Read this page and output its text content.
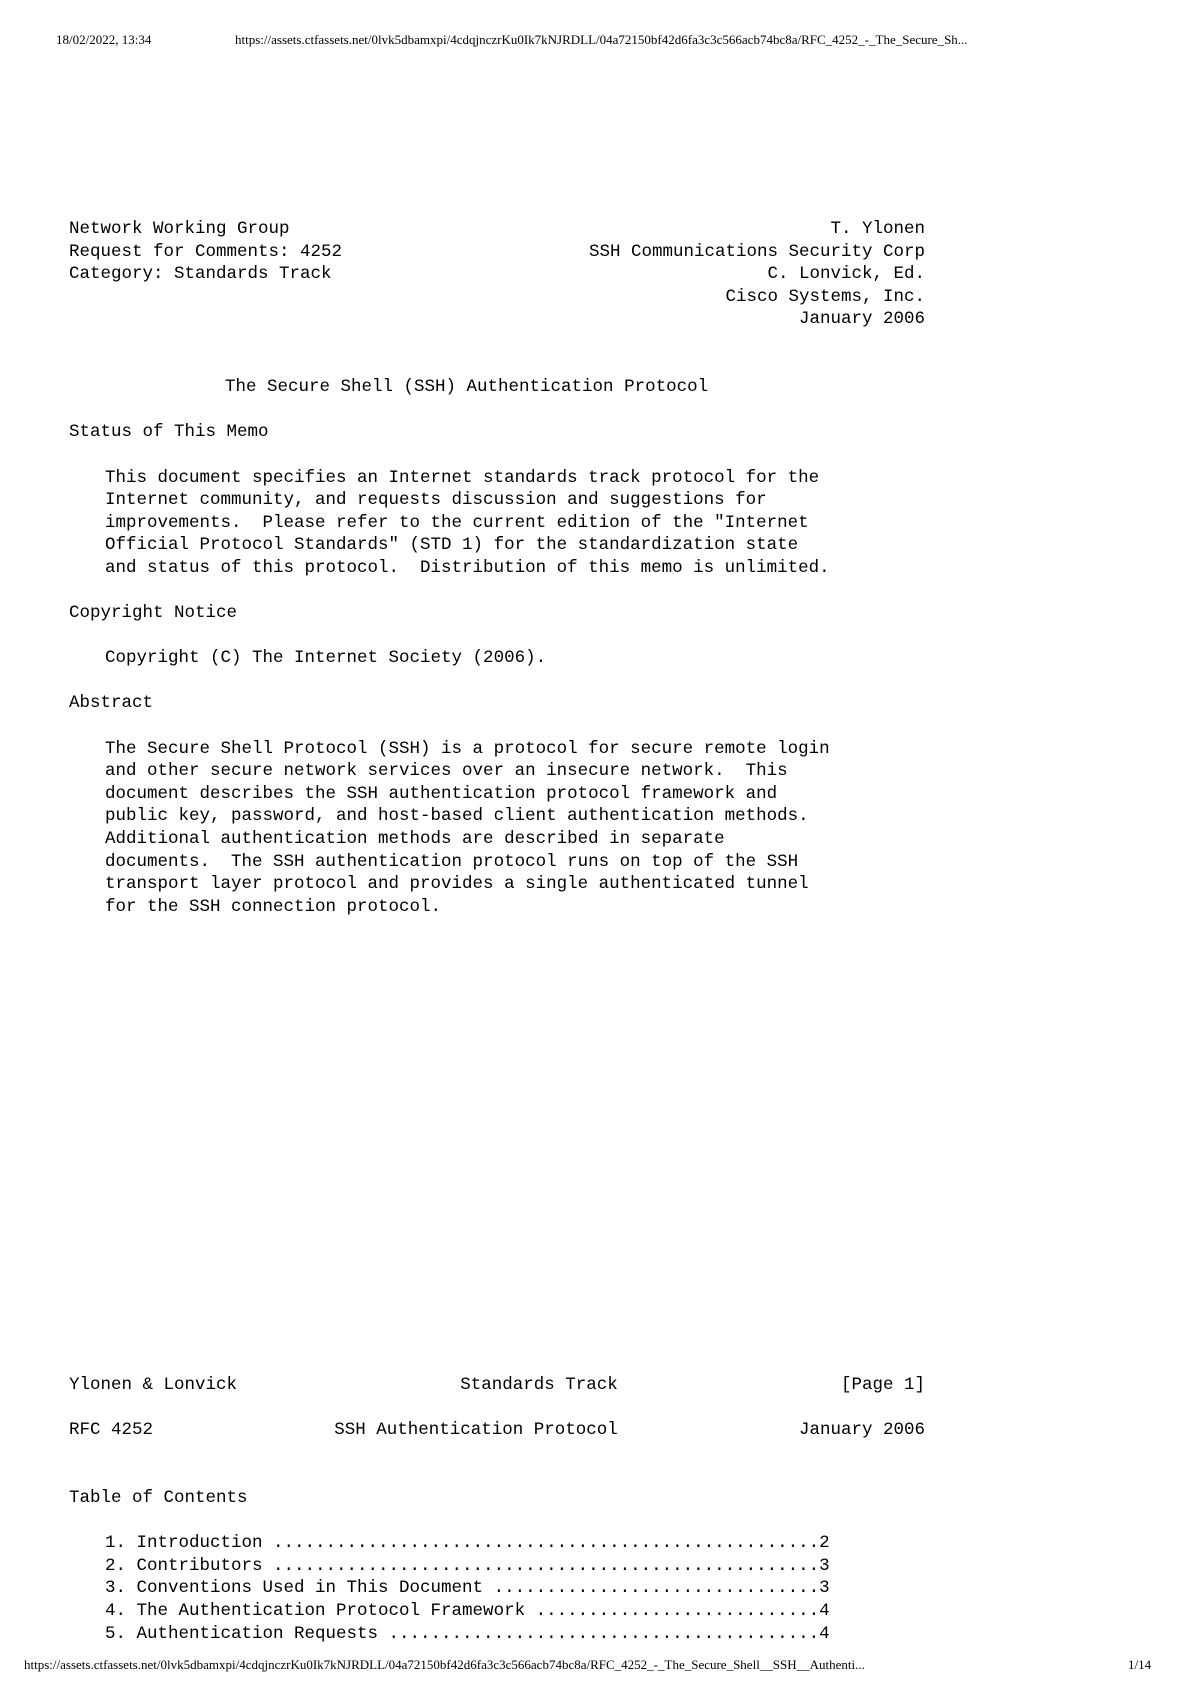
18/02/2022, 13:34	https://assets.ctfassets.net/0lvk5dbamxpi/4cdqjnczrKu0Ik7kNJRDLL/04a72150bf42d6fa3c3c566acb74bc8a/RFC_4252_-_The_Secure_Sh...
Network Working Group	T. Ylonen
Request for Comments: 4252	SSH Communications Security Corp
Category: Standards Track	C. Lonvick, Ed.
Cisco Systems, Inc.
January 2006
The Secure Shell (SSH) Authentication Protocol
Status of This Memo
This document specifies an Internet standards track protocol for the
Internet community, and requests discussion and suggestions for
improvements.  Please refer to the current edition of the "Internet
Official Protocol Standards" (STD 1) for the standardization state
and status of this protocol.  Distribution of this memo is unlimited.
Copyright Notice
Copyright (C) The Internet Society (2006).
Abstract
The Secure Shell Protocol (SSH) is a protocol for secure remote login
and other secure network services over an insecure network.  This
document describes the SSH authentication protocol framework and
public key, password, and host-based client authentication methods.
Additional authentication methods are described in separate
documents.  The SSH authentication protocol runs on top of the SSH
transport layer protocol and provides a single authenticated tunnel
for the SSH connection protocol.
Ylonen & Lonvick	Standards Track	[Page 1]
RFC 4252	SSH Authentication Protocol	January 2006
Table of Contents
1. Introduction ....................................................2
2. Contributors ....................................................3
3. Conventions Used in This Document ...............................3
4. The Authentication Protocol Framework ...........................4
5. Authentication Requests .........................................4
https://assets.ctfassets.net/0lvk5dbamxpi/4cdqjnczrKu0Ik7kNJRDLL/04a72150bf42d6fa3c3c566acb74bc8a/RFC_4252_-_The_Secure_Shell__SSH__Authenti...	1/14
